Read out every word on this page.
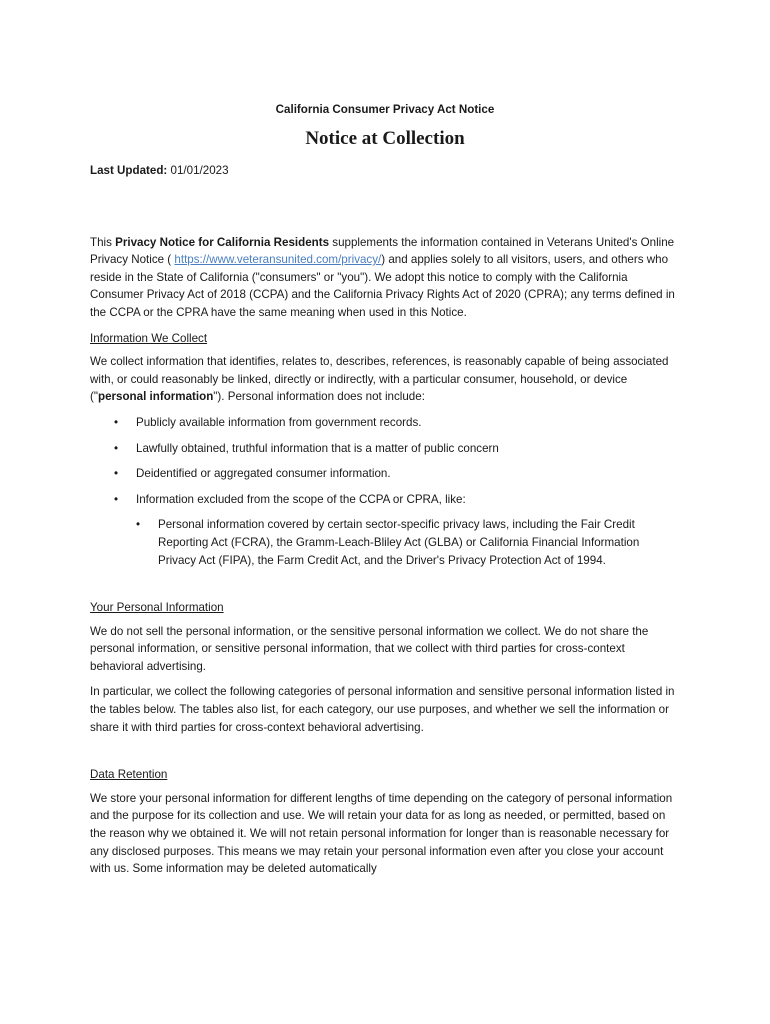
California Consumer Privacy Act Notice
Notice at Collection
Last Updated: 01/01/2023

This Privacy Notice for California Residents supplements the information contained in Veterans United's Online Privacy Notice ( https://www.veteransunited.com/privacy/) and applies solely to all visitors, users, and others who reside in the State of California ("consumers" or "you"). We adopt this notice to comply with the California Consumer Privacy Act of 2018 (CCPA) and the California Privacy Rights Act of 2020 (CPRA); any terms defined in the CCPA or the CPRA have the same meaning when used in this Notice.

Information We Collect

We collect information that identifies, relates to, describes, references, is reasonably capable of being associated with, or could reasonably be linked, directly or indirectly, with a particular consumer, household, or device ("personal information"). Personal information does not include:

• Publicly available information from government records.
• Lawfully obtained, truthful information that is a matter of public concern
• Deidentified or aggregated consumer information.
• Information excluded from the scope of the CCPA or CPRA, like:
• Personal information covered by certain sector-specific privacy laws, including the Fair Credit Reporting Act (FCRA), the Gramm-Leach-Bliley Act (GLBA) or California Financial Information Privacy Act (FIPA), the Farm Credit Act, and the Driver's Privacy Protection Act of 1994.
Your Personal Information

We do not sell the personal information, or the sensitive personal information we collect. We do not share the personal information, or sensitive personal information, that we collect with third parties for cross-context behavioral advertising.

In particular, we collect the following categories of personal information and sensitive personal information listed in the tables below. The tables also list, for each category, our use purposes, and whether we sell the information or share it with third parties for cross-context behavioral advertising.

Data Retention

We store your personal information for different lengths of time depending on the category of personal information and the purpose for its collection and use. We will retain your data for as long as needed, or permitted, based on the reason why we obtained it. We will not retain personal information for longer than is reasonable necessary for any disclosed purposes. This means we may retain your personal information even after you close your account with us. Some information may be deleted automatically
